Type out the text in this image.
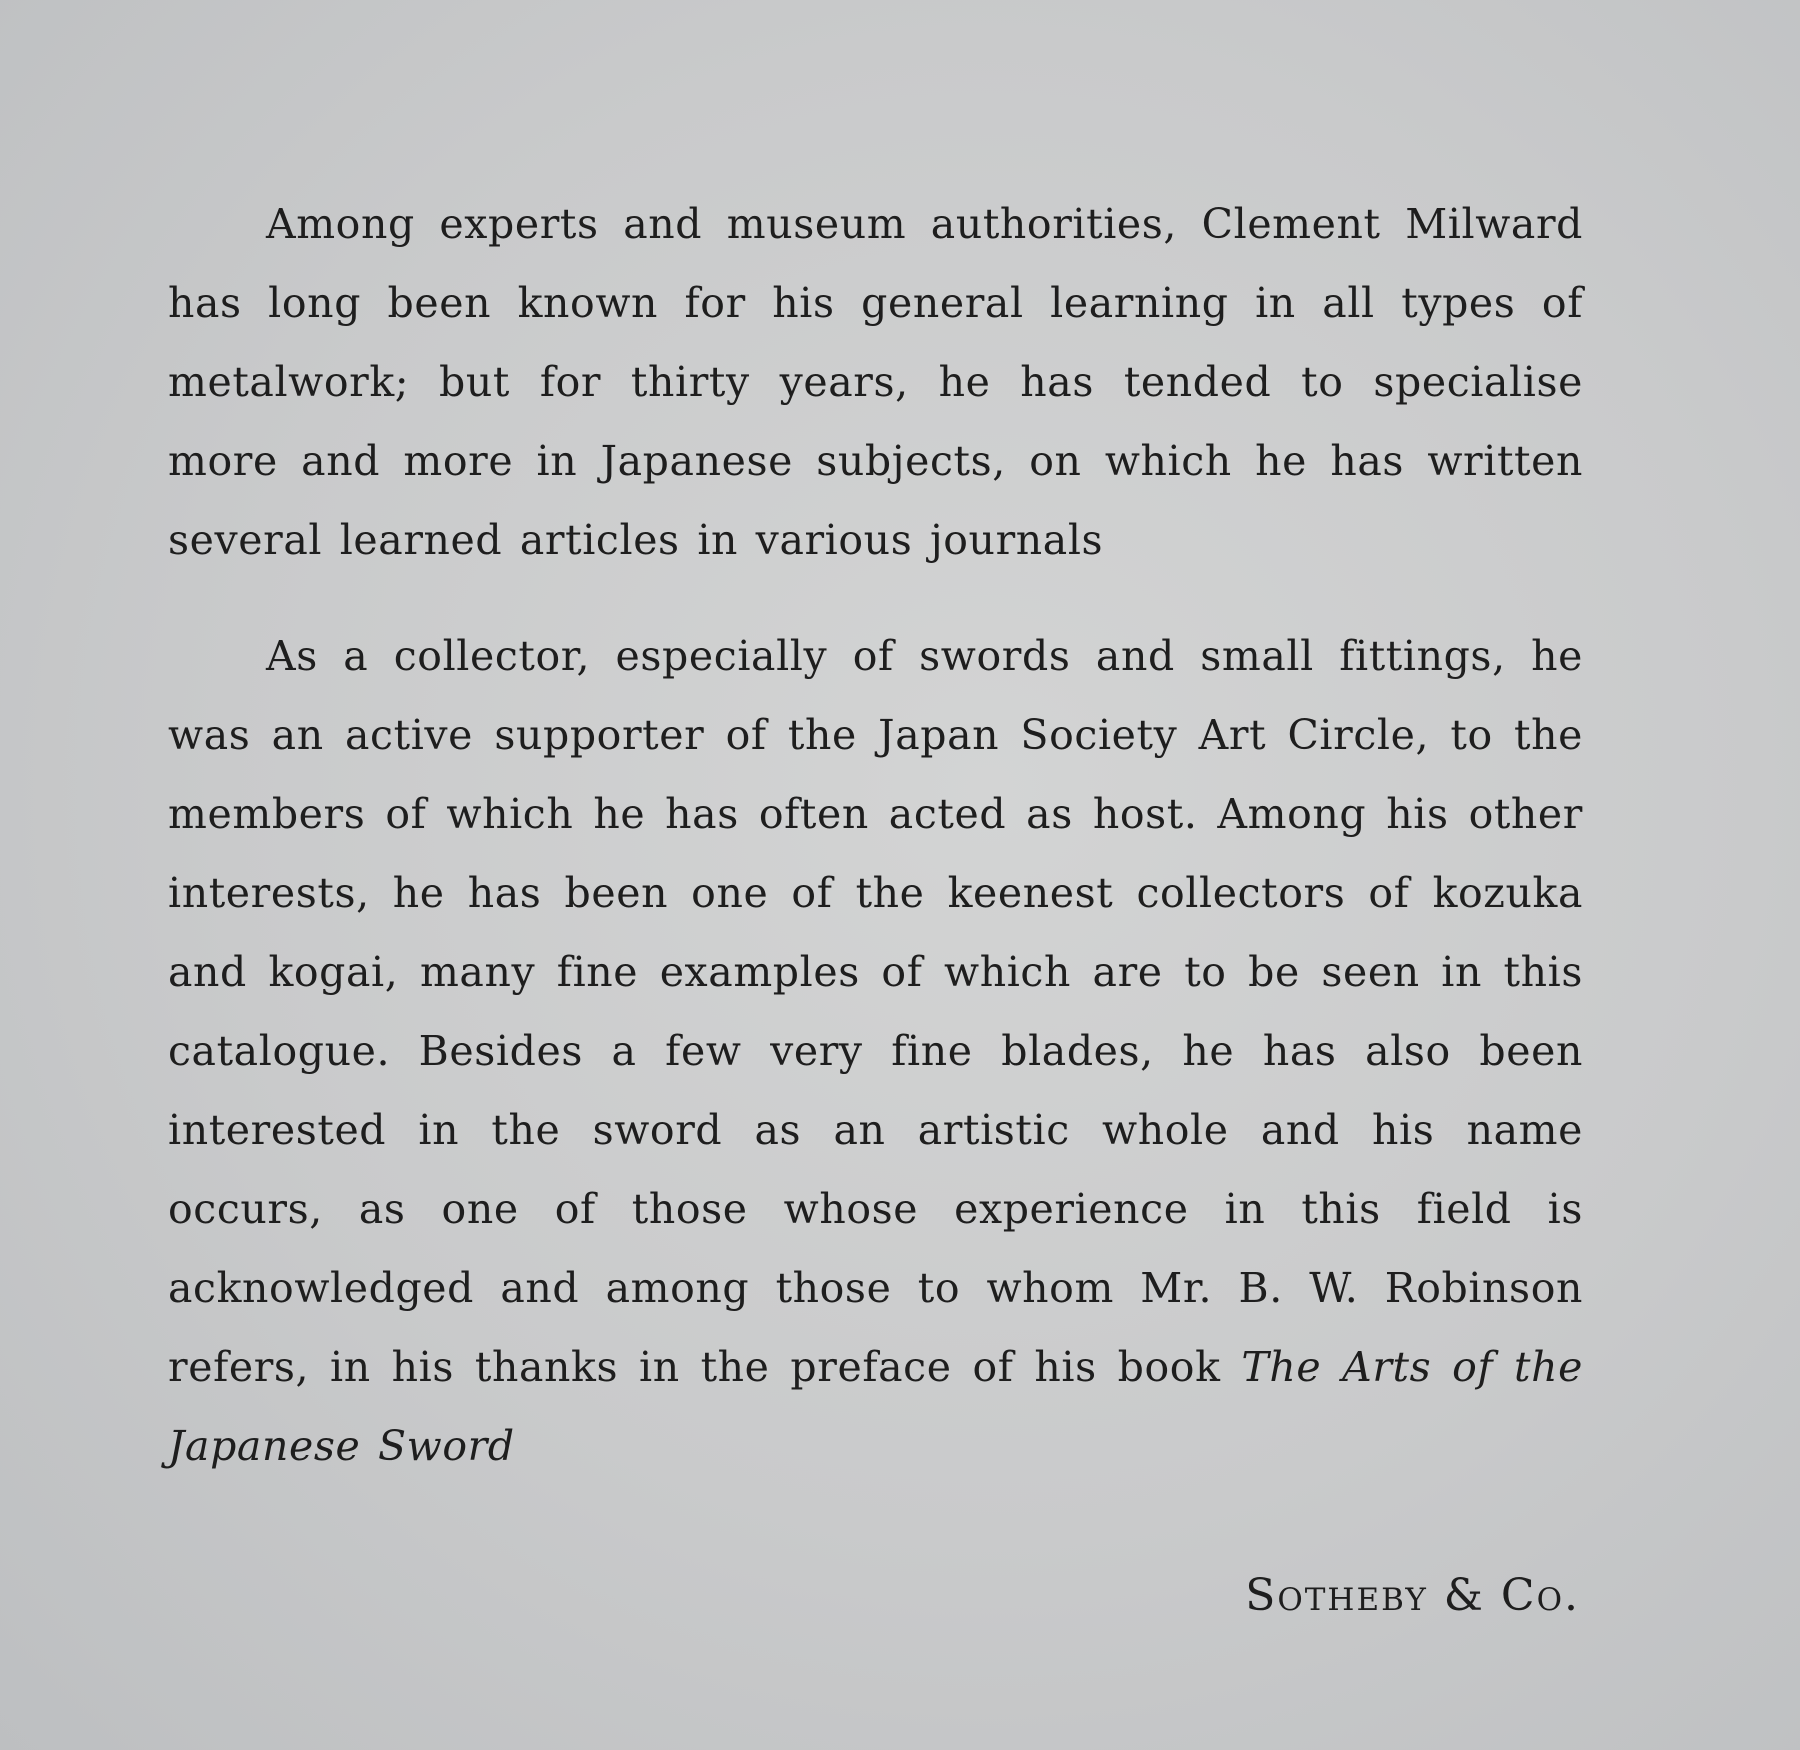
Among experts and museum authorities, Clement Milward has long been known for his general learning in all types of metalwork; but for thirty years, he has tended to specialise more and more in Japanese subjects, on which he has written several learned articles in various journals

As a collector, especially of swords and small fittings, he was an active supporter of the Japan Society Art Circle, to the members of which he has often acted as host. Among his other interests, he has been one of the keenest collectors of kozuka and kogai, many fine examples of which are to be seen in this catalogue. Besides a few very fine blades, he has also been interested in the sword as an artistic whole and his name occurs, as one of those whose experience in this field is acknowledged and among those to whom Mr. B. W. Robinson refers, in his thanks in the preface of his book The Arts of the Japanese Sword

Sotheby & Co.
